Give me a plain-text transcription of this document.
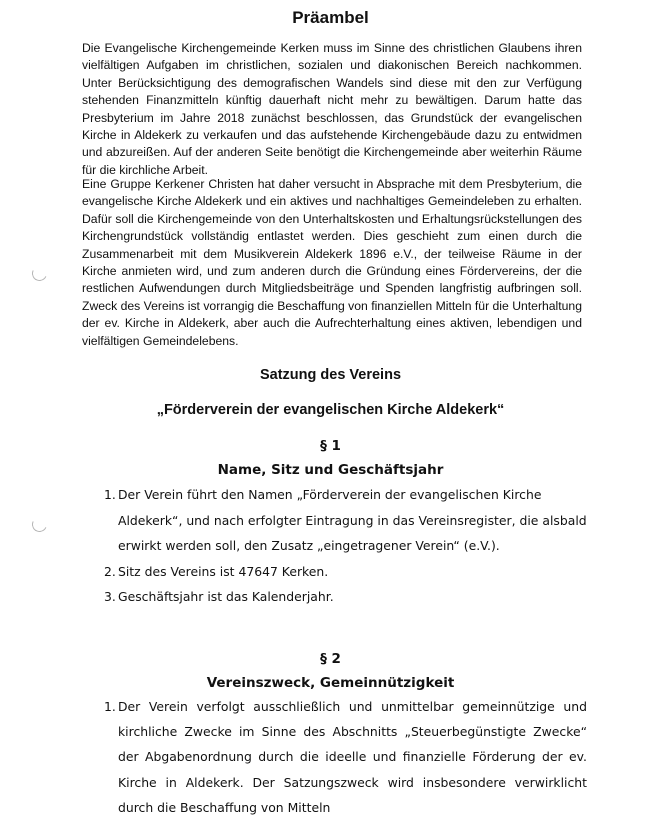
Präambel
Die Evangelische Kirchengemeinde Kerken muss im Sinne des christlichen Glaubens ihren vielfältigen Aufgaben im christlichen, sozialen und diakonischen Bereich nachkommen. Unter Berücksichtigung des demografischen Wandels sind diese mit den zur Verfügung stehenden Finanzmitteln künftig dauerhaft nicht mehr zu bewältigen. Darum hatte das Presbyterium im Jahre 2018 zunächst beschlossen, das Grundstück der evangelischen Kirche in Aldekerk zu verkaufen und das aufstehende Kirchengebäude dazu zu entwidmen und abzureißen. Auf der anderen Seite benötigt die Kirchengemeinde aber weiterhin Räume für die kirchliche Arbeit.
Eine Gruppe Kerkener Christen hat daher versucht in Absprache mit dem Presbyterium, die evangelische Kirche Aldekerk und ein aktives und nachhaltiges Gemeindeleben zu erhalten. Dafür soll die Kirchengemeinde von den Unterhaltskosten und Erhaltungsrückstellungen des Kirchengrundstück vollständig entlastet werden. Dies geschieht zum einen durch die Zusammenarbeit mit dem Musikverein Aldekerk 1896 e.V., der teilweise Räume in der Kirche anmieten wird, und zum anderen durch die Gründung eines Fördervereins, der die restlichen Aufwendungen durch Mitgliedsbeiträge und Spenden langfristig aufbringen soll. Zweck des Vereins ist vorrangig die Beschaffung von finanziellen Mitteln für die Unterhaltung der ev. Kirche in Aldekerk, aber auch die Aufrechterhaltung eines aktiven, lebendigen und vielfältigen Gemeindelebens.
Satzung des Vereins
„Förderverein der evangelischen Kirche Aldekerk“
§ 1
Name, Sitz und Geschäftsjahr
1. Der Verein führt den Namen „Förderverein der evangelischen Kirche Aldekerk“, und nach erfolgter Eintragung in das Vereinsregister, die alsbald erwirkt werden soll, den Zusatz „eingetragener Verein“ (e.V.).
2. Sitz des Vereins ist 47647 Kerken.
3. Geschäftsjahr ist das Kalenderjahr.
§ 2
Vereinszweck, Gemeinnützigkeit
1. Der Verein verfolgt ausschließlich und unmittelbar gemeinnützige und kirchliche Zwecke im Sinne des Abschnitts „Steuerbegünstigte Zwecke“ der Abgabenordnung durch die ideelle und finanzielle Förderung der ev. Kirche in Aldekerk. Der Satzungszweck wird insbesondere verwirklicht durch die Beschaffung von Mitteln
